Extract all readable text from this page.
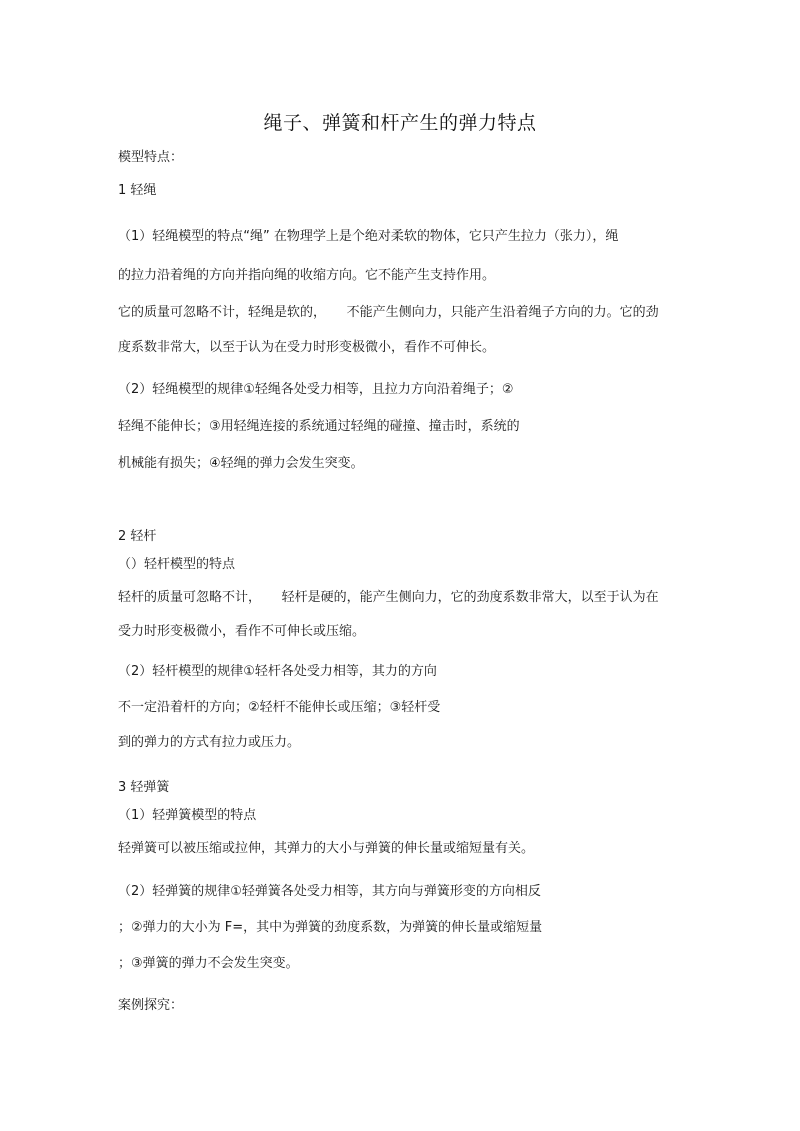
绳子、弹簧和杆产生的弹力特点
模型特点：
1 轻绳
（1）轻绳模型的特点“绳” 在物理学上是个绝对柔软的物体，它只产生拉力（张力），绳
的拉力沿着绳的方向并指向绳的收缩方向。它不能产生支持作用。
它的质量可忽略不计，轻绳是软的，     不能产生侧向力，只能产生沿着绳子方向的力。它的劲
度系数非常大，以至于认为在受力时形变极微小，看作不可伸长。
（2）轻绳模型的规律①轻绳各处受力相等，且拉力方向沿着绳子；②
轻绳不能伸长；③用轻绳连接的系统通过轻绳的碰撞、撞击时，系统的
机械能有损失；④轻绳的弹力会发生突变。
2 轻杆
（）轻杆模型的特点
轻杆的质量可忽略不计，     轻杆是硬的，能产生侧向力，它的劲度系数非常大，以至于认为在
受力时形变极微小，看作不可伸长或压缩。
（2）轻杆模型的规律①轻杆各处受力相等，其力的方向
不一定沿着杆的方向；②轻杆不能伸长或压缩；③轻杆受
到的弹力的方式有拉力或压力。
3 轻弹簧
（1）轻弹簧模型的特点
轻弹簧可以被压缩或拉伸，其弹力的大小与弹簧的伸长量或缩短量有关。
（2）轻弹簧的规律①轻弹簧各处受力相等，其方向与弹簧形变的方向相反
；②弹力的大小为 F=，其中为弹簧的劲度系数，为弹簧的伸长量或缩短量
；③弹簧的弹力不会发生突变。
案例探究：
